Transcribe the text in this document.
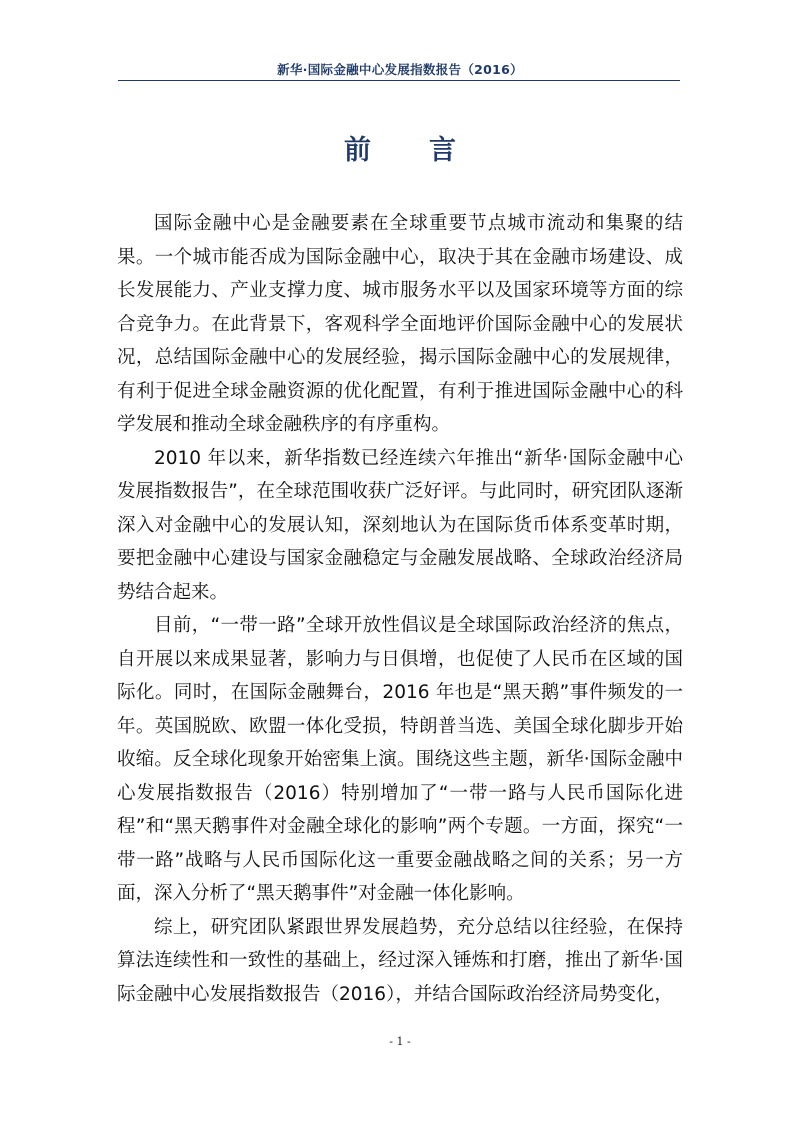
新华·国际金融中心发展指数报告（2016）
前 言

国际金融中心是金融要素在全球重要节点城市流动和集聚的结果。一个城市能否成为国际金融中心，取决于其在金融市场建设、成长发展能力、产业支撑力度、城市服务水平以及国家环境等方面的综合竞争力。在此背景下，客观科学全面地评价国际金融中心的发展状况，总结国际金融中心的发展经验，揭示国际金融中心的发展规律，有利于促进全球金融资源的优化配置，有利于推进国际金融中心的科学发展和推动全球金融秩序的有序重构。

2010 年以来，新华指数已经连续六年推出“新华·国际金融中心发展指数报告”，在全球范围收获广泛好评。与此同时，研究团队逐渐深入对金融中心的发展认知，深刻地认为在国际货币体系变革时期，要把金融中心建设与国家金融稳定与金融发展战略、全球政治经济局势结合起来。

目前，“一带一路”全球开放性倡议是全球国际政治经济的焦点，自开展以来成果显著，影响力与日俱增，也促使了人民币在区域的国际化。同时，在国际金融舞台，2016 年也是“黑天鹅”事件频发的一年。英国脱欧、欧盟一体化受损，特朗普当选、美国全球化脚步开始收缩。反全球化现象开始密集上演。围绕这些主题，新华·国际金融中心发展指数报告（2016）特别增加了“一带一路与人民币国际化进程”和“黑天鹅事件对金融全球化的影响”两个专题。一方面，探究“一带一路”战略与人民币国际化这一重要金融战略之间的关系；另一方面，深入分析了“黑天鹅事件”对金融一体化影响。

综上，研究团队紧跟世界发展趋势，充分总结以往经验，在保持算法连续性和一致性的基础上，经过深入锤炼和打磨，推出了新华·国际金融中心发展指数报告（2016），并结合国际政治经济局势变化，

- 1 -
